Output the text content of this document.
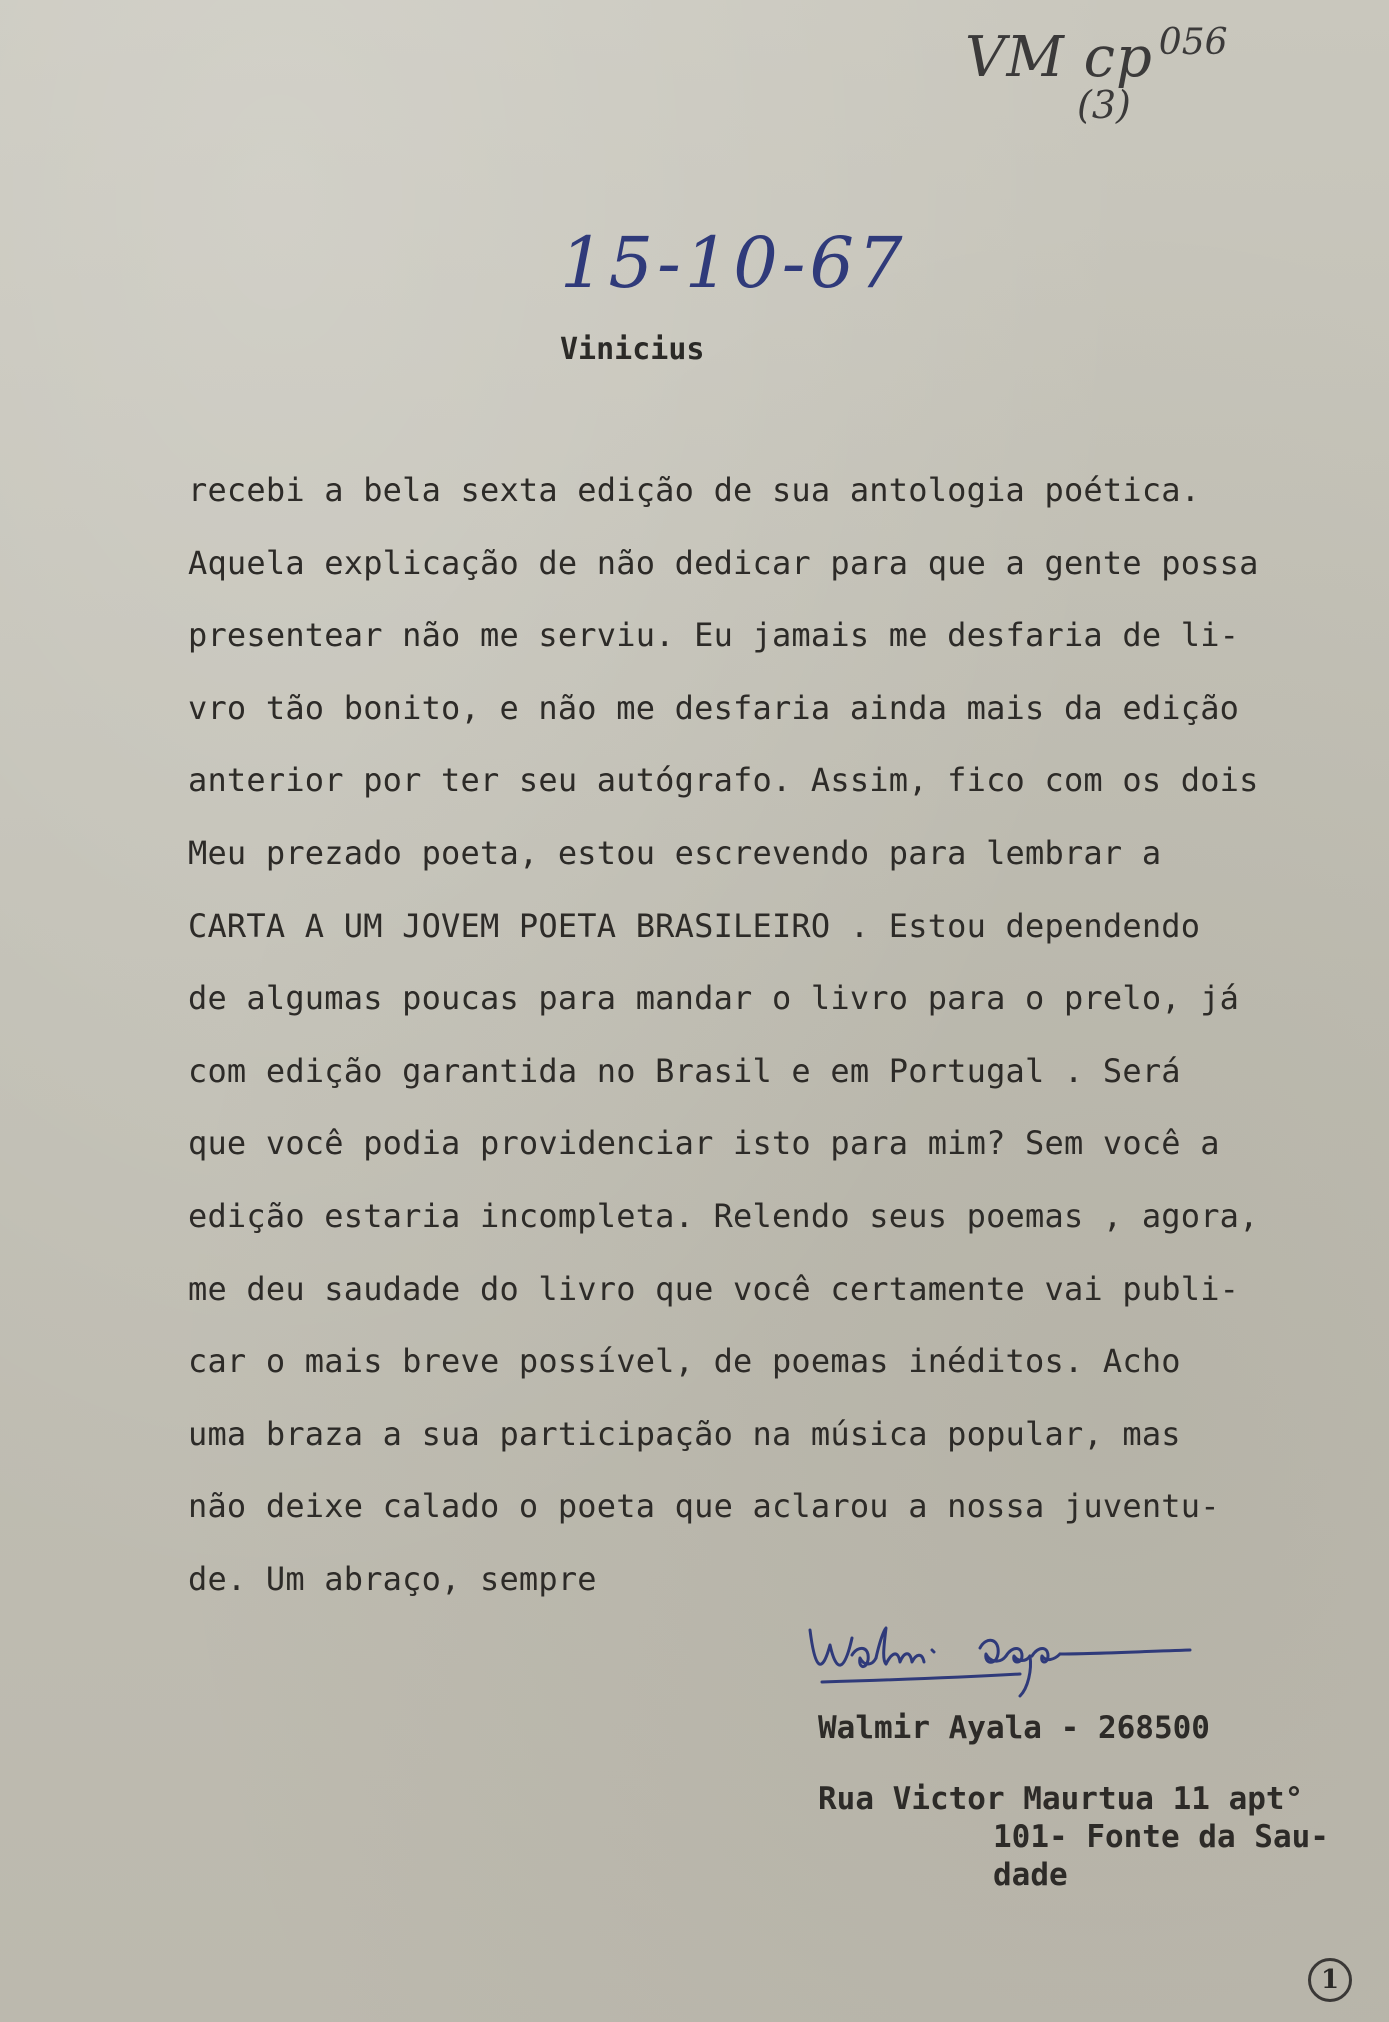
VM cp 056
(3)
15-10-67
Vinicius
recebi a bela sexta edição de sua antologia poética.
Aquela explicação de não dedicar para que a gente possa
presentear não me serviu. Eu jamais me desfaria de li-
vro tão bonito, e não me desfaria ainda mais da edição
anterior por ter seu autógrafo. Assim, fico com os dois
Meu prezado poeta, estou escrevendo para lembrar a
CARTA A UM JOVEM POETA BRASILEIRO . Estou dependendo
de algumas poucas para mandar o livro para o prelo, já
com edição garantida no Brasil e em Portugal . Será
que você podia providenciar isto para mim? Sem você a
edição estaria incompleta. Relendo seus poemas , agora,
me deu saudade do livro que você certamente vai publi-
car o mais breve possível, de poemas inéditos. Acho
uma braza a sua participação na música popular, mas
não deixe calado o poeta que aclarou a nossa juventu-
de. Um abraço, sempre
Walmir Ayala - 268500
Rua Victor Maurtua 11 apt°
101- Fonte da Sau-
dade
1
